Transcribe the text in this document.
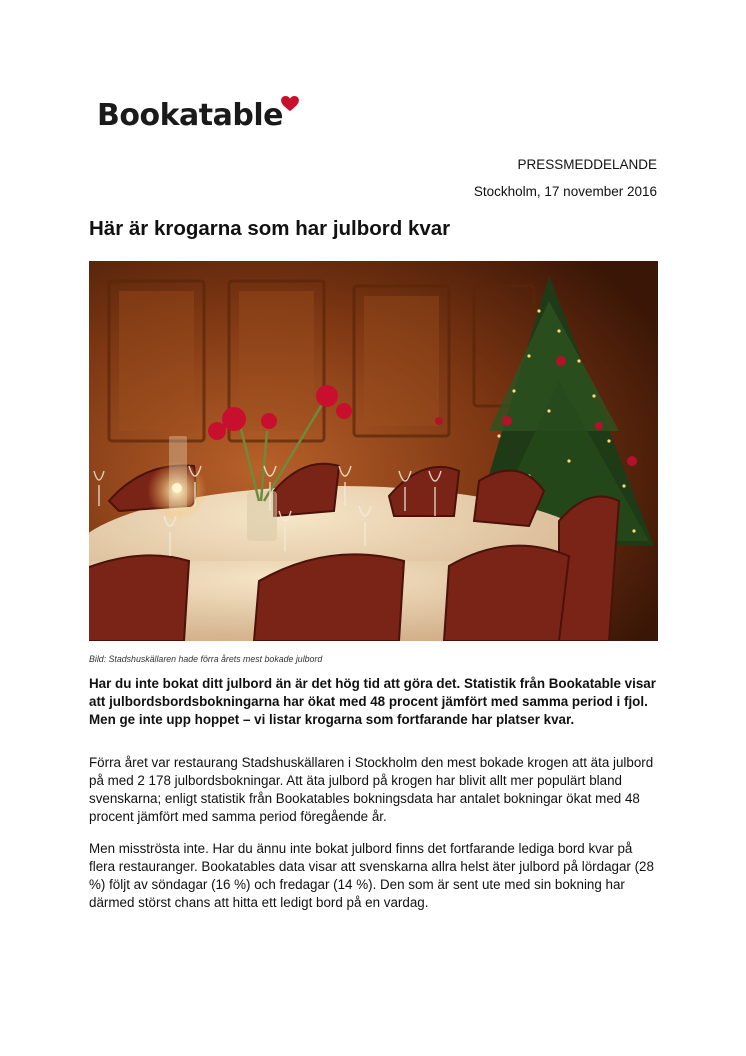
Bookatable
PRESSMEDDELANDE
Stockholm, 17 november 2016
Här är krogarna som har julbord kvar
Bild: Stadshuskällaren hade förra årets mest bokade julbord

Har du inte bokat ditt julbord än är det hög tid att göra det. Statistik från Bookatable visar att julbordsbordsbokningarna har ökat med 48 procent jämfört med samma period i fjol. Men ge inte upp hoppet – vi listar krogarna som fortfarande har platser kvar.

Förra året var restaurang Stadshuskällaren i Stockholm den mest bokade krogen att äta julbord på med 2 178 julbordsbokningar. Att äta julbord på krogen har blivit allt mer populärt bland svenskarna; enligt statistik från Bookatables bokningsdata har antalet bokningar ökat med 48 procent jämfört med samma period föregående år.

Men misströsta inte. Har du ännu inte bokat julbord finns det fortfarande lediga bord kvar på flera restauranger. Bookatables data visar att svenskarna allra helst äter julbord på lördagar (28 %) följt av söndagar (16 %) och fredagar (14 %). Den som är sent ute med sin bokning har därmed störst chans att hitta ett ledigt bord på en vardag.
